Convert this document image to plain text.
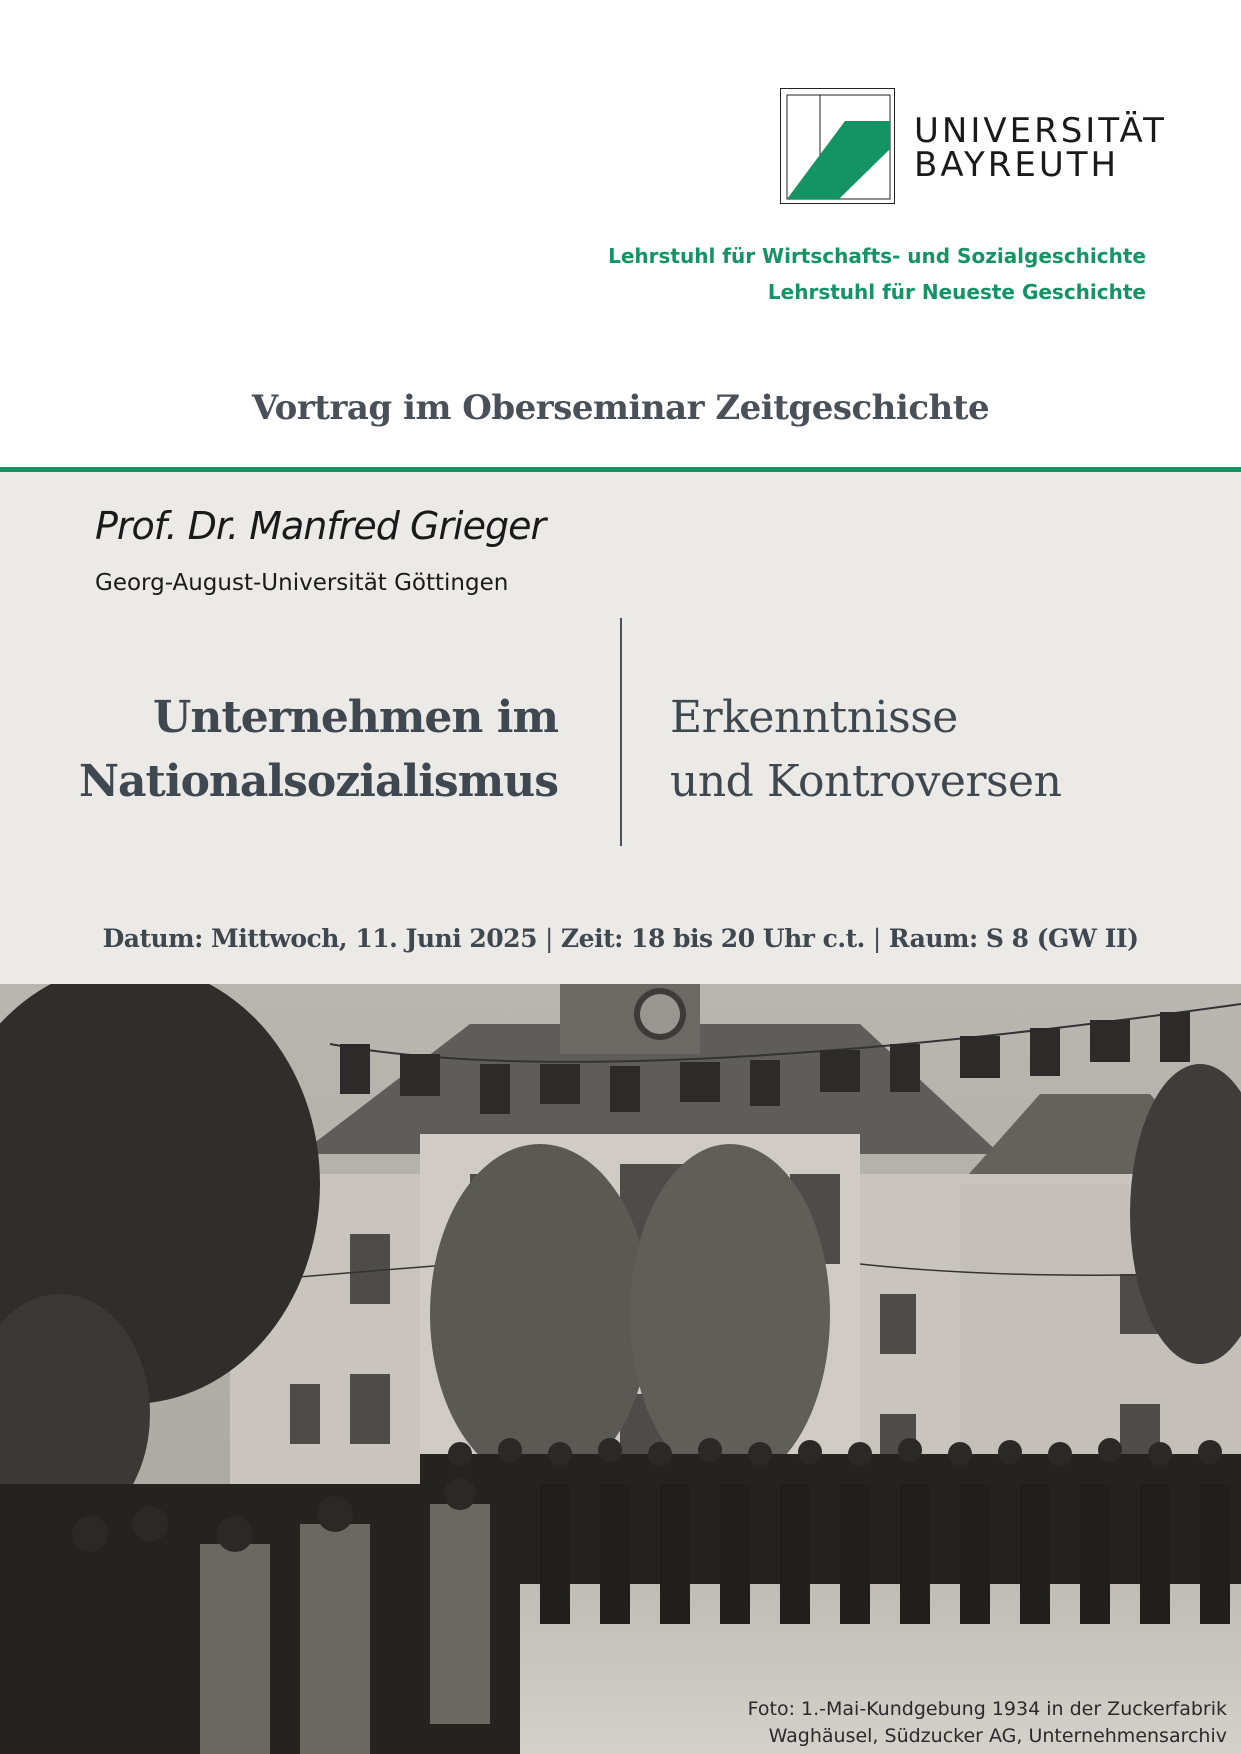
UNIVERSITÄT
BAYREUTH
Lehrstuhl für Wirtschafts- und Sozialgeschichte
Lehrstuhl für Neueste Geschichte
Vortrag im Oberseminar Zeitgeschichte
Prof. Dr. Manfred Grieger
Georg-August-Universität Göttingen
Unternehmen im
Nationalsozialismus
Erkenntnisse
und Kontroversen
Datum: Mittwoch, 11. Juni 2025 | Zeit: 18 bis 20 Uhr c.t. | Raum: S 8 (GW II)
Foto: 1.-Mai-Kundgebung 1934 in der Zuckerfabrik
Waghäusel, Südzucker AG, Unternehmensarchiv
